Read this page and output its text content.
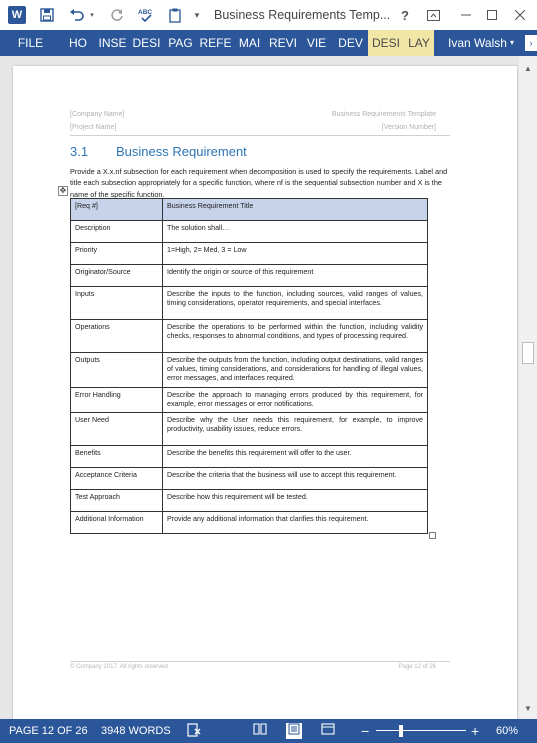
W	▾	ABC	▾ Business Requirements Temp... ?
FILE	HO INSE DESI PAG REFE MAI REVI VIE DEV DESI LAY	Ivan Walsh ▾	›
[Company Name]
[Project Name]
Business Requirements Template
[Version Number]
3.1 Business Requirement
Provide a X.x.nf subsection for each requirement when decomposition is used to specify the requirements. Label and title each subsection appropriately for a specific function, where nf is the sequential subsection number and X is the name of the specific function.
✥
[Req #]	Business Requirement Title
Description	The solution shall…
Priority	1=High, 2= Med, 3 = Low
Originator/Source	Identify the origin or source of this requirement
Inputs	Describe the inputs to the function, including sources, valid ranges of values, timing considerations, operator requirements, and special interfaces.
Operations	Describe the operations to be performed within the function, including validity checks, responses to abnormal conditions, and types of processing required.
Outputs	Describe the outputs from the function, including output destinations, valid ranges of values, timing considerations, and considerations for handling of illegal values, error messages, and interfaces required.
Error Handling	Describe the approach to managing errors produced by this requirement, for example, error messages or error notifications.
User Need	Describe why the User needs this requirement, for example, to improve productivity, usability issues, reduce errors.
Benefits	Describe the benefits this requirement will offer to the user.
Acceptance Criteria	Describe the criteria that the business will use to accept this requirement.
Test Approach	Describe how this requirement will be tested.
Additional Information	Provide any additional information that clarifies this requirement.
© Company 2017. All rights reserved	Page 12 of 26
▲
▼
PAGE 12 OF 26 3948 WORDS	−	+ 60%
